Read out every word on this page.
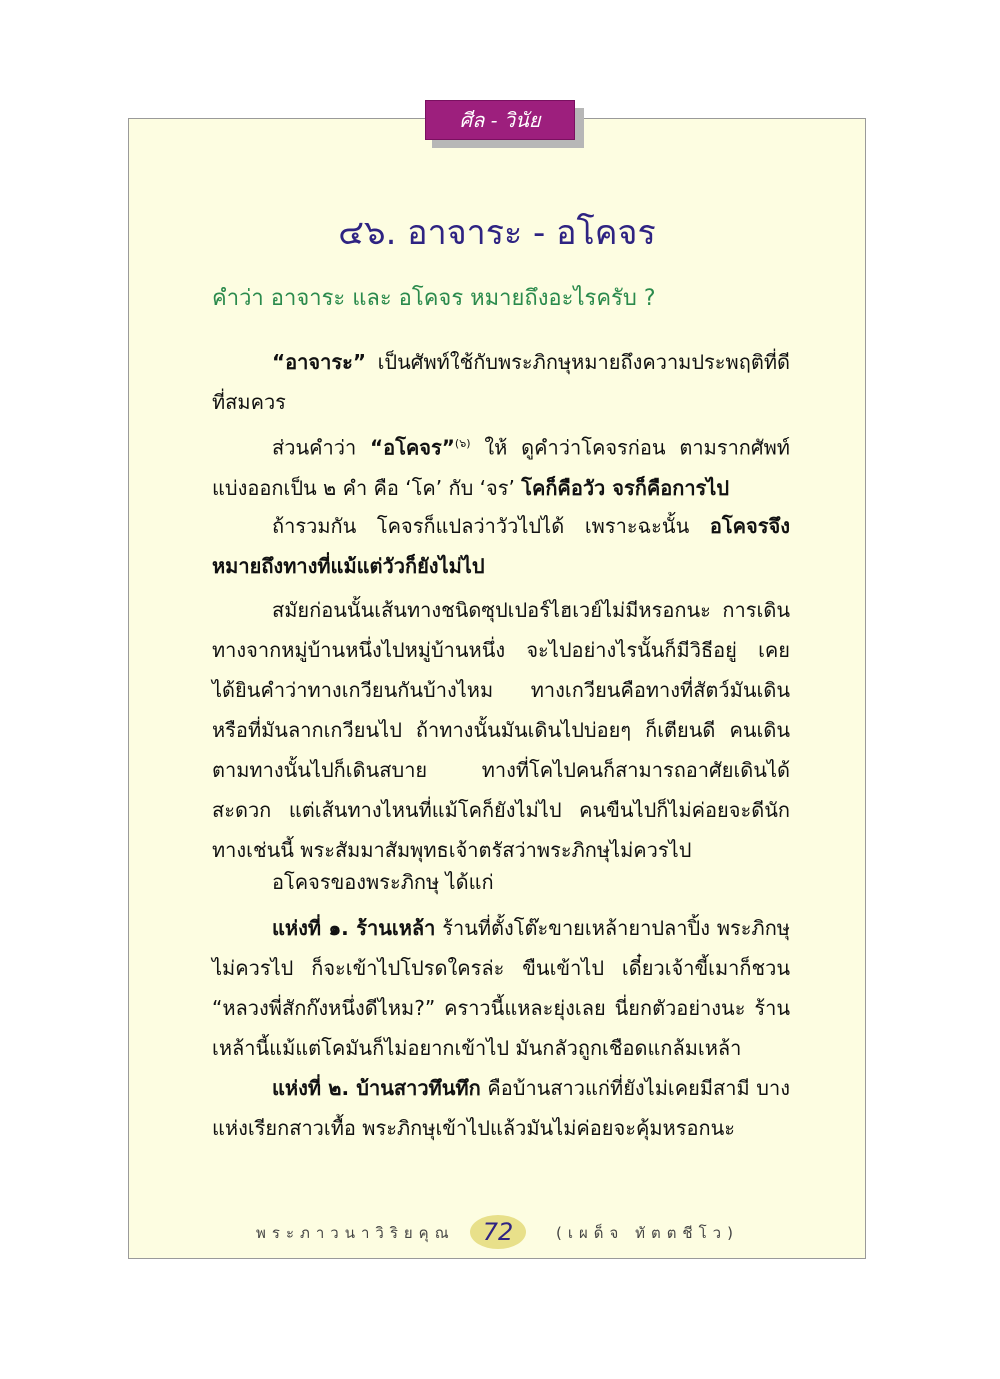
ศีล - วินัย
๔๖. อาจาระ - อโคจร
คำว่า อาจาระ และ อโคจร หมายถึงอะไรครับ ?
“อาจาระ” เป็นศัพท์ใช้กับพระภิกษุหมายถึงความประพฤติที่ดีที่สมควร
ส่วนคำว่า “อโคจร”$^{(๖)}$ ให้ ดูคำว่าโคจรก่อน ตามรากศัพท์ แบ่งออกเป็น ๒ คำ คือ ‘โค’ กับ ‘จร’ โคก็คือวัว จรก็คือการไป
ถ้ารวมกัน โคจรก็แปลว่าวัวไปได้ เพราะฉะนั้น อโคจรจึงหมายถึงทางที่แม้แต่วัวก็ยังไม่ไป
สมัยก่อนนั้นเส้นทางชนิดซุปเปอร์ไฮเวย์ไม่มีหรอกนะ การเดินทางจากหมู่บ้านหนึ่งไปหมู่บ้านหนึ่ง จะไปอย่างไรนั้นก็มีวิธีอยู่ เคยได้ยินคำว่าทางเกวียนกันบ้างไหม ทางเกวียนคือทางที่สัตว์มันเดิน หรือที่มันลากเกวียนไป ถ้าทางนั้นมันเดินไปบ่อยๆ ก็เตียนดี คนเดินตามทางนั้นไปก็เดินสบาย ทางที่โคไปคนก็สามารถอาศัยเดินได้สะดวก แต่เส้นทางไหนที่แม้โคก็ยังไม่ไป คนขืนไปก็ไม่ค่อยจะดีนัก ทางเช่นนี้ พระสัมมาสัมพุทธเจ้าตรัสว่าพระภิกษุไม่ควรไป
อโคจรของพระภิกษุ ได้แก่
แห่งที่ ๑. ร้านเหล้า ร้านที่ตั้งโต๊ะขายเหล้ายาปลาปิ้ง พระภิกษุไม่ควรไป ก็จะเข้าไปโปรดใครล่ะ ขืนเข้าไป เดี๋ยวเจ้าขี้เมาก็ชวน “หลวงพี่สักก๊งหนึ่งดีไหม?” คราวนี้แหละยุ่งเลย นี่ยกตัวอย่างนะ ร้านเหล้านี้แม้แต่โคมันก็ไม่อยากเข้าไป มันกลัวถูกเชือดแกล้มเหล้า
แห่งที่ ๒. บ้านสาวทึนทึก คือบ้านสาวแก่ที่ยังไม่เคยมีสามี บางแห่งเรียกสาวเทื้อ พระภิกษุเข้าไปแล้วมันไม่ค่อยจะคุ้มหรอกนะ
พระภาวนาวิริยคุณ	72	(เผด็จ ทัตตชีโว)
